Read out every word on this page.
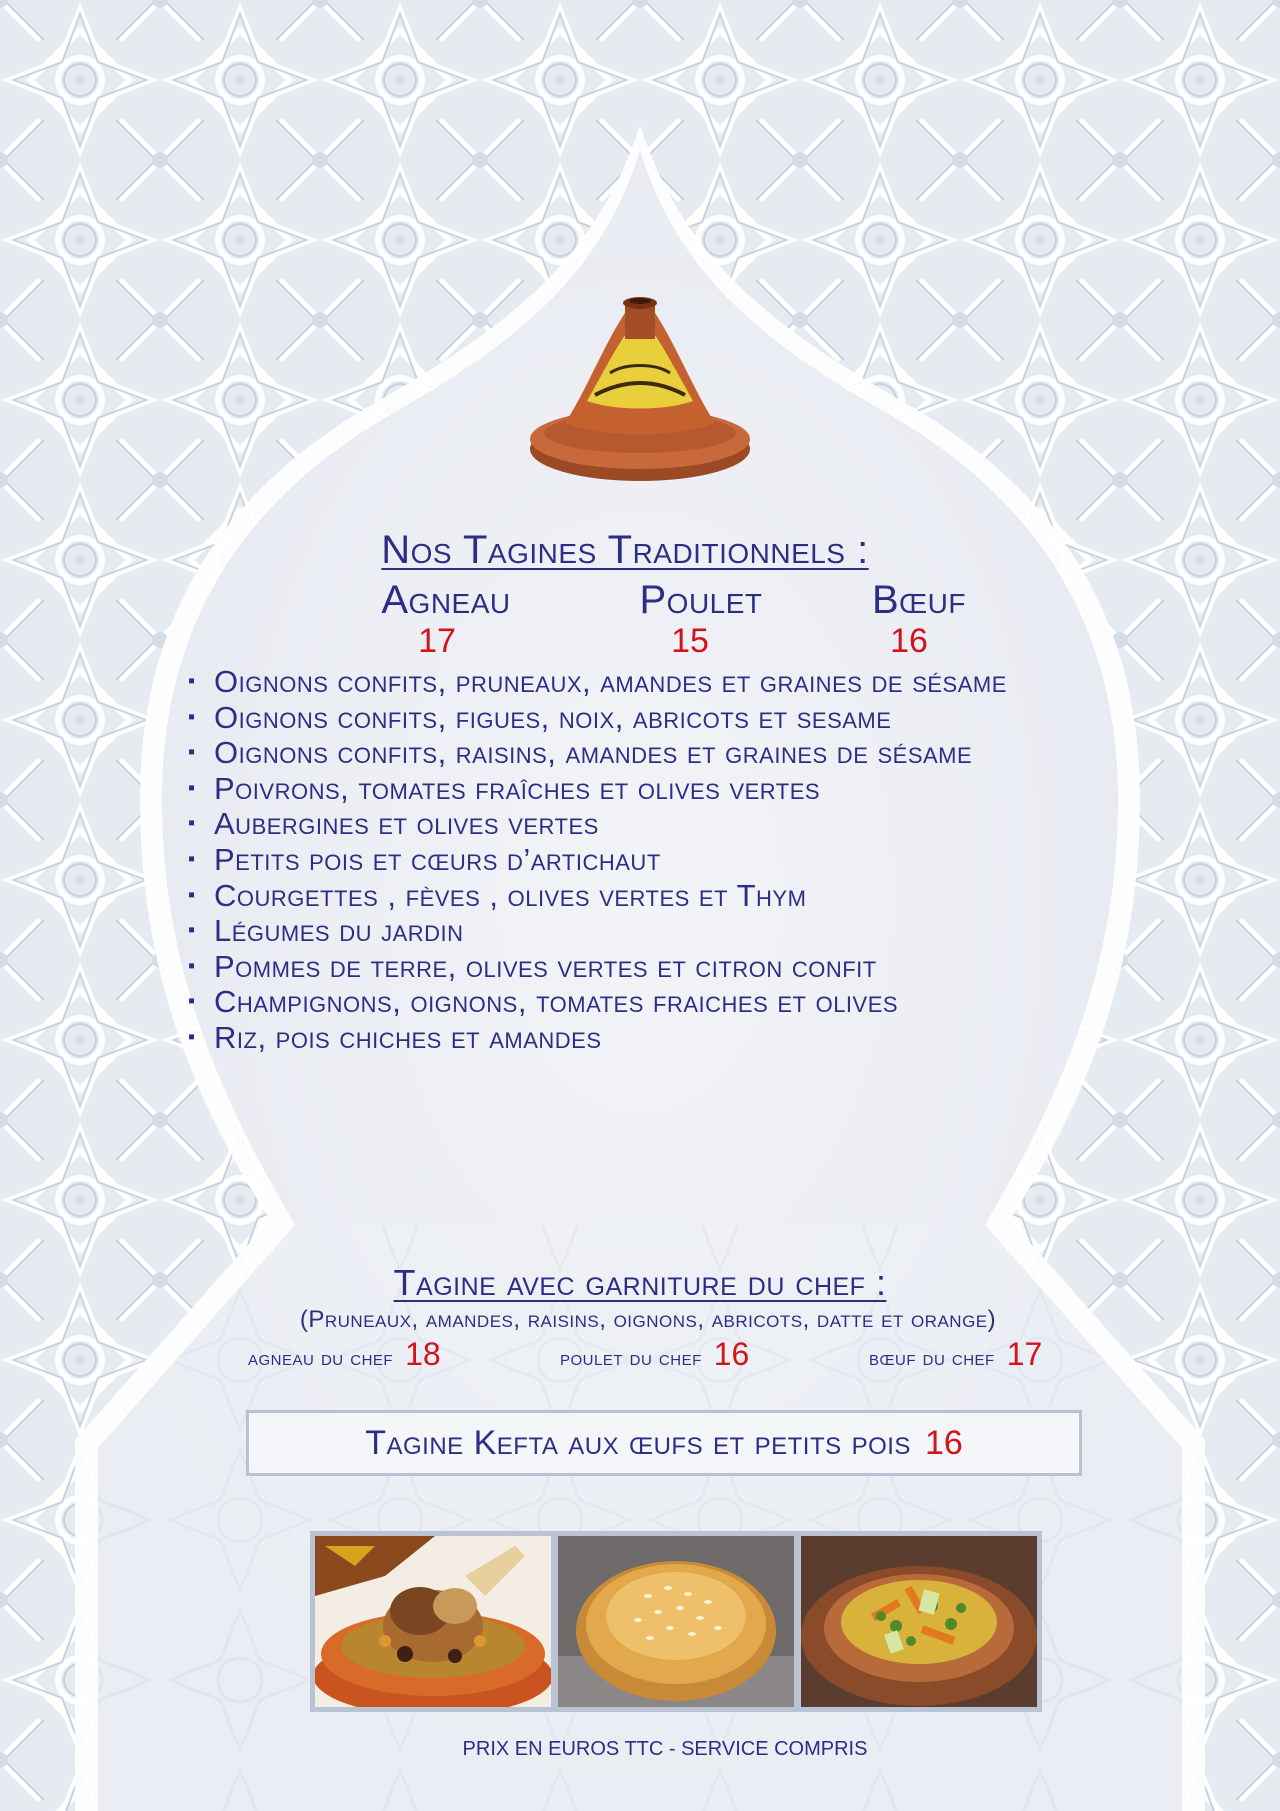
Nos Tagines Traditionnels :
Agneau	Poulet	Bœuf
17	15	16
▪ Oignons confits, pruneaux, amandes et graines de sésame
▪ Oignons confits, figues, noix, abricots et sesame
▪ Oignons confits, raisins, amandes et graines de sésame
▪ Poivrons, tomates fraîches et olives vertes
▪ Aubergines et olives vertes
▪ Petits pois et cœurs d’artichaut
▪ Courgettes , fèves , olives vertes et Thym
▪ Légumes du jardin
▪ Pommes de terre, olives vertes et citron confit
▪ Champignons, oignons, tomates fraiches et olives
▪ Riz, pois chiches et amandes
Tagine avec garniture du chef :
(Pruneaux, amandes, raisins, oignons, abricots, datte et orange)
agneau du chef 18	poulet du chef 16	bœuf du chef 17
Tagine Kefta aux œufs et petits pois 16
PRIX EN EUROS TTC - SERVICE COMPRIS
